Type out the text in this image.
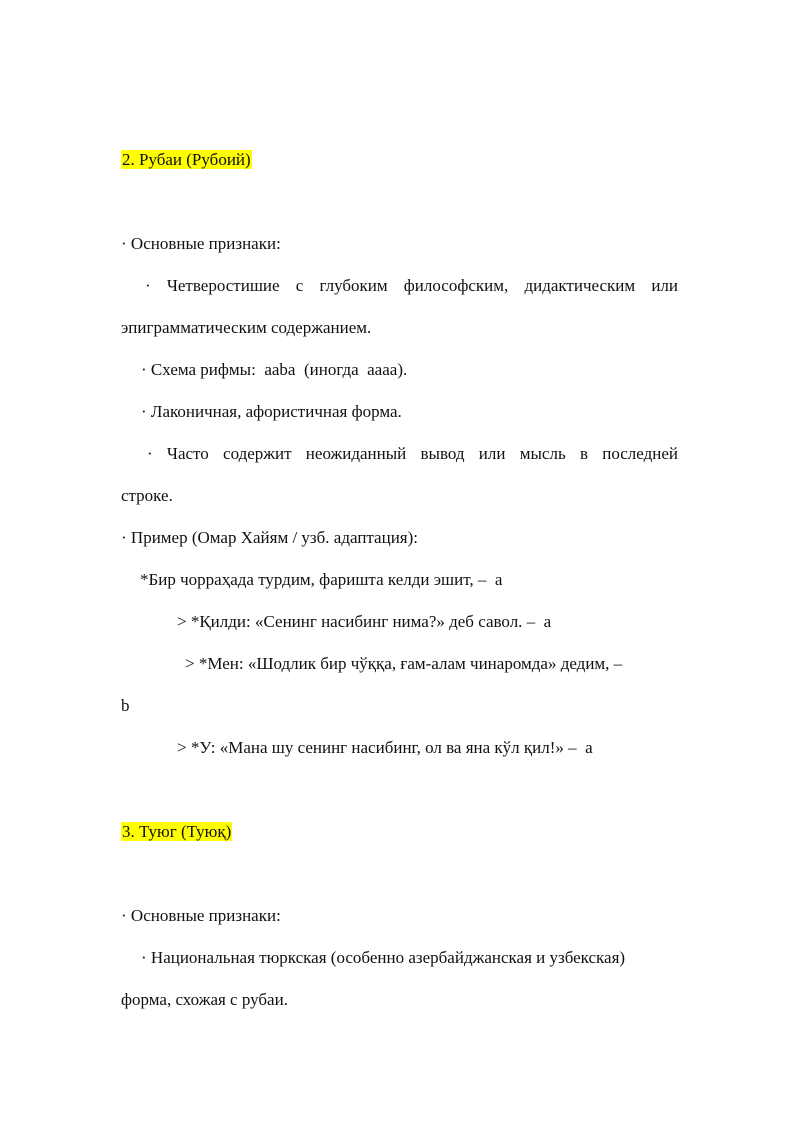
2. Рубаи (Рубоий)
· Основные признаки:
· Четверостишие с глубоким философским, дидактическим или
эпиграмматическим содержанием.
· Схема рифмы:  aaba  (иногда  aaaa).
· Лаконичная, афористичная форма.
· Часто содержит неожиданный вывод или мысль в последней
строке.
· Пример (Омар Хайям / узб. адаптация):
*Бир чорраҳада турдим, фаришта келди эшит, –  a
> *Қилди: «Сенинг насибинг нима?» деб савол. –  a
> *Мен: «Шодлик бир чўққа, ғам-алам чинаромда» дедим, –
b
> *У: «Мана шу сенинг насибинг, ол ва яна кўл қил!» –  a
3. Туюг (Туюқ)
· Основные признаки:
· Национальная тюркская (особенно азербайджанская и узбекская)
форма, схожая с рубаи.
